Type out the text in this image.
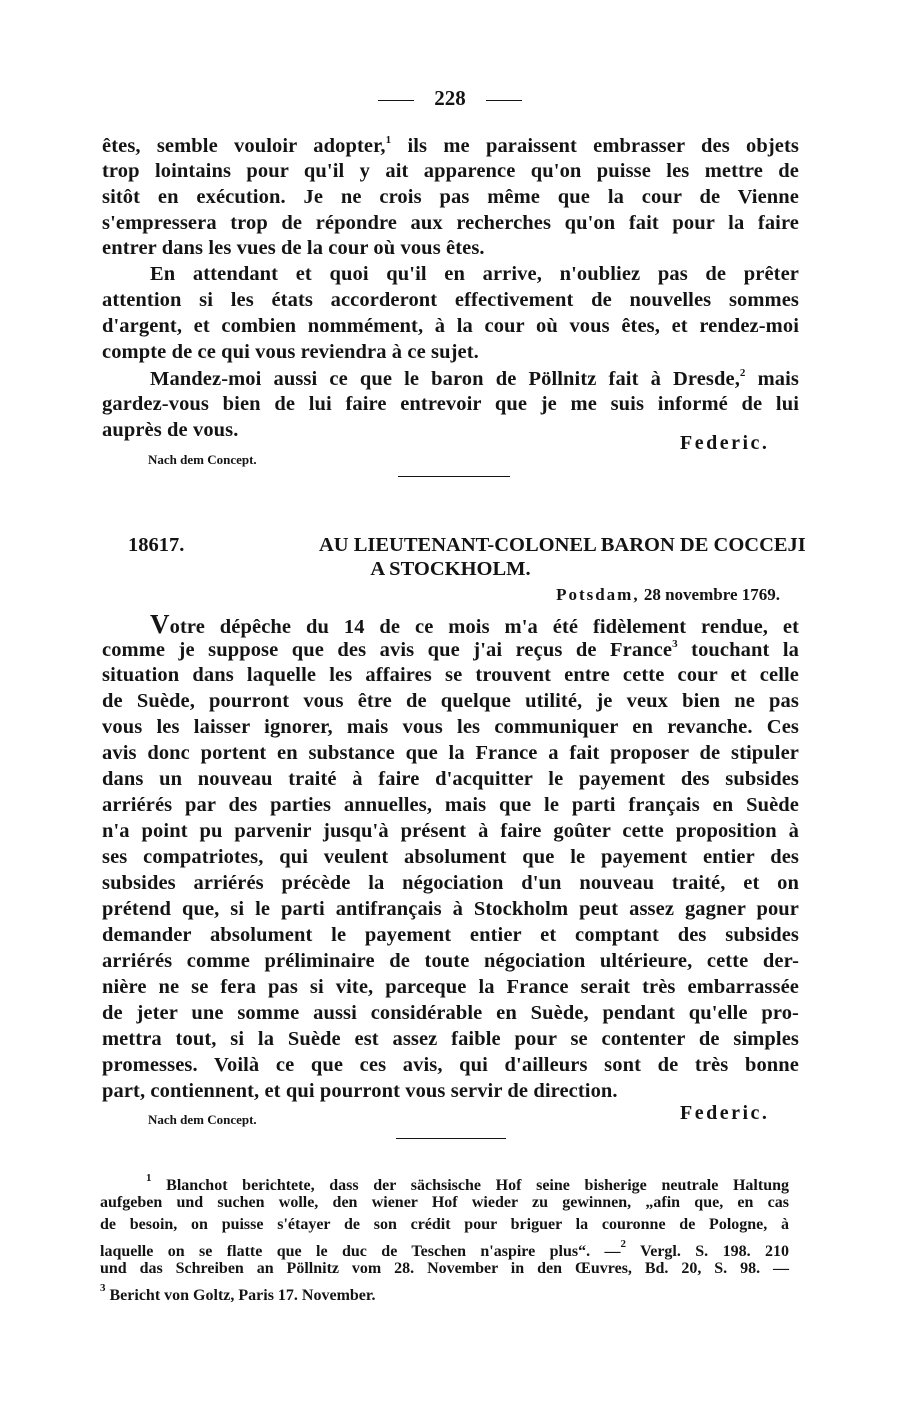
228
êtes, semble vouloir adopter,$^1$ ils me paraissent embrasser des objets
trop lointains pour qu'il y ait apparence qu'on puisse les mettre de
sitôt en exécution. Je ne crois pas même que la cour de Vienne
s'empressera trop de répondre aux recherches qu'on fait pour la faire
entrer dans les vues de la cour où vous êtes.
En attendant et quoi qu'il en arrive, n'oubliez pas de prêter
attention si les états accorderont effectivement de nouvelles sommes
d'argent, et combien nommément, à la cour où vous êtes, et rendez-moi
compte de ce qui vous reviendra à ce sujet.
Mandez-moi aussi ce que le baron de Pöllnitz fait à Dresde,$^2$ mais
gardez-vous bien de lui faire entrevoir que je me suis informé de lui
auprès de vous.
Federic.
Nach dem Concept.
18617.	AU LIEUTENANT-COLONEL BARON DE COCCEJI
A STOCKHOLM.
Potsdam, 28 novembre 1769.
Votre dépêche du 14 de ce mois m'a été fidèlement rendue, et
comme je suppose que des avis que j'ai reçus de France$^3$ touchant la
situation dans laquelle les affaires se trouvent entre cette cour et celle
de Suède, pourront vous être de quelque utilité, je veux bien ne pas
vous les laisser ignorer, mais vous les communiquer en revanche. Ces
avis donc portent en substance que la France a fait proposer de stipuler
dans un nouveau traité à faire d'acquitter le payement des subsides
arriérés par des parties annuelles, mais que le parti français en Suède
n'a point pu parvenir jusqu'à présent à faire goûter cette proposition à
ses compatriotes, qui veulent absolument que le payement entier des
subsides arriérés précède la négociation d'un nouveau traité, et on
prétend que, si le parti antifrançais à Stockholm peut assez gagner pour
demander absolument le payement entier et comptant des subsides
arriérés comme préliminaire de toute négociation ultérieure, cette der-
nière ne se fera pas si vite, parceque la France serait très embarrassée
de jeter une somme aussi considérable en Suède, pendant qu'elle pro-
mettra tout, si la Suède est assez faible pour se contenter de simples
promesses. Voilà ce que ces avis, qui d'ailleurs sont de très bonne
part, contiennent, et qui pourront vous servir de direction.
Nach dem Concept.	Federic.
$^1$ Blanchot berichtete, dass der sächsische Hof seine bisherige neutrale Haltung
aufgeben und suchen wolle, den wiener Hof wieder zu gewinnen, „afin que, en cas
de besoin, on puisse s'étayer de son crédit pour briguer la couronne de Pologne, à
laquelle on se flatte que le duc de Teschen n'aspire plus“. —$^2$ Vergl. S. 198. 210
und das Schreiben an Pöllnitz vom 28. November in den Œuvres, Bd. 20, S. 98. —
$^3$ Bericht von Goltz, Paris 17. November.
